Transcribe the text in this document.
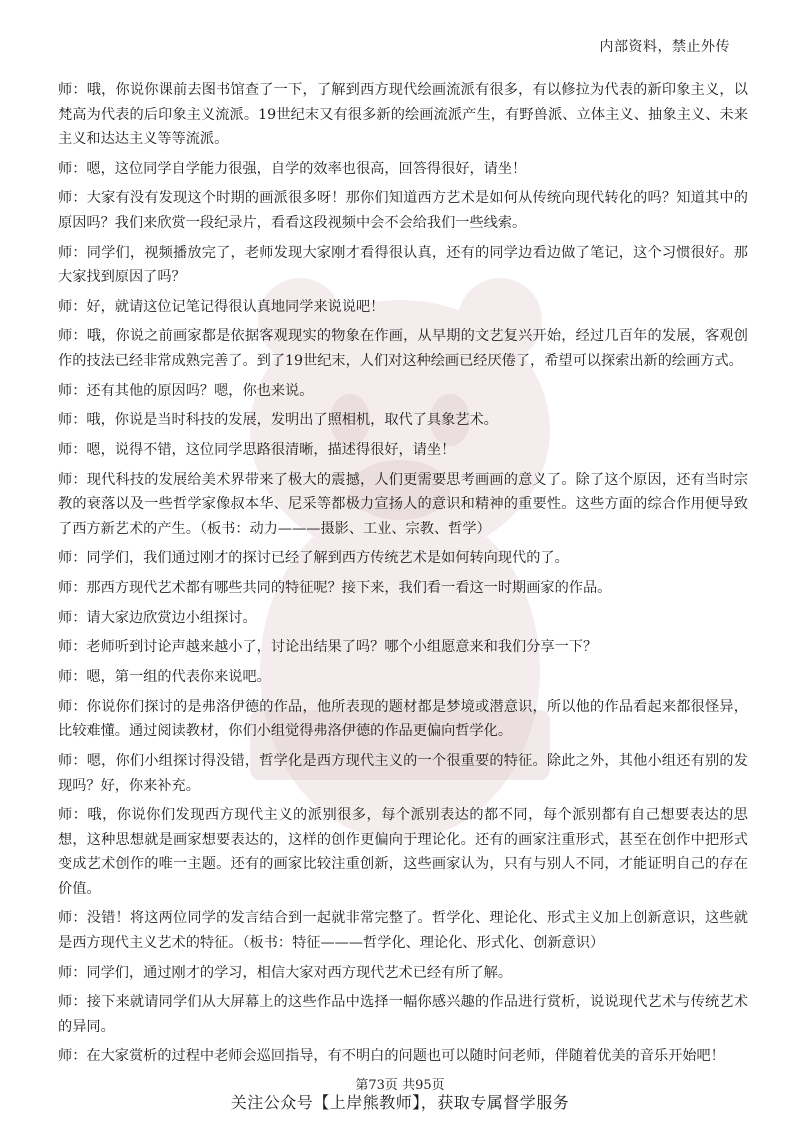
内部资料，禁止外传

师：哦，你说你课前去图书馆查了一下，了解到西方现代绘画流派有很多，有以修拉为代表的新印象主义，以梵高为代表的后印象主义流派。19世纪末又有很多新的绘画流派产生，有野兽派、立体主义、抽象主义、未来主义和达达主义等等流派。

师：嗯，这位同学自学能力很强，自学的效率也很高，回答得很好，请坐！

师：大家有没有发现这个时期的画派很多呀！那你们知道西方艺术是如何从传统向现代转化的吗？知道其中的原因吗？我们来欣赏一段纪录片，看看这段视频中会不会给我们一些线索。

师：同学们，视频播放完了，老师发现大家刚才看得很认真，还有的同学边看边做了笔记，这个习惯很好。那大家找到原因了吗？

师：好，就请这位记笔记得很认真地同学来说说吧！

师：哦，你说之前画家都是依据客观现实的物象在作画，从早期的文艺复兴开始，经过几百年的发展，客观创作的技法已经非常成熟完善了。到了19世纪末，人们对这种绘画已经厌倦了，希望可以探索出新的绘画方式。

师：还有其他的原因吗？嗯，你也来说。

师：哦，你说是当时科技的发展，发明出了照相机，取代了具象艺术。

师：嗯，说得不错，这位同学思路很清晰，描述得很好，请坐！

师：现代科技的发展给美术界带来了极大的震撼，人们更需要思考画画的意义了。除了这个原因，还有当时宗教的衰落以及一些哲学家像叔本华、尼采等都极力宣扬人的意识和精神的重要性。这些方面的综合作用便导致了西方新艺术的产生。（板书：动力———摄影、工业、宗教、哲学）

师：同学们，我们通过刚才的探讨已经了解到西方传统艺术是如何转向现代的了。

师：那西方现代艺术都有哪些共同的特征呢？接下来，我们看一看这一时期画家的作品。

师：请大家边欣赏边小组探讨。

师：老师听到讨论声越来越小了，讨论出结果了吗？哪个小组愿意来和我们分享一下？

师：嗯，第一组的代表你来说吧。

师：你说你们探讨的是弗洛伊德的作品，他所表现的题材都是梦境或潜意识，所以他的作品看起来都很怪异，比较难懂。通过阅读教材，你们小组觉得弗洛伊德的作品更偏向哲学化。

师：嗯，你们小组探讨得没错，哲学化是西方现代主义的一个很重要的特征。除此之外，其他小组还有别的发现吗？好，你来补充。

师：哦，你说你们发现西方现代主义的派别很多，每个派别表达的都不同，每个派别都有自己想要表达的思想，这种思想就是画家想要表达的，这样的创作更偏向于理论化。还有的画家注重形式，甚至在创作中把形式变成艺术创作的唯一主题。还有的画家比较注重创新，这些画家认为，只有与别人不同，才能证明自己的存在价值。

师：没错！将这两位同学的发言结合到一起就非常完整了。哲学化、理论化、形式主义加上创新意识，这些就是西方现代主义艺术的特征。（板书：特征———哲学化、理论化、形式化、创新意识）

师：同学们，通过刚才的学习，相信大家对西方现代艺术已经有所了解。

师：接下来就请同学们从大屏幕上的这些作品中选择一幅你感兴趣的作品进行赏析，说说现代艺术与传统艺术的异同。

师：在大家赏析的过程中老师会巡回指导，有不明白的问题也可以随时问老师，伴随着优美的音乐开始吧！

第73页 共95页
关注公众号【上岸熊教师】，获取专属督学服务
